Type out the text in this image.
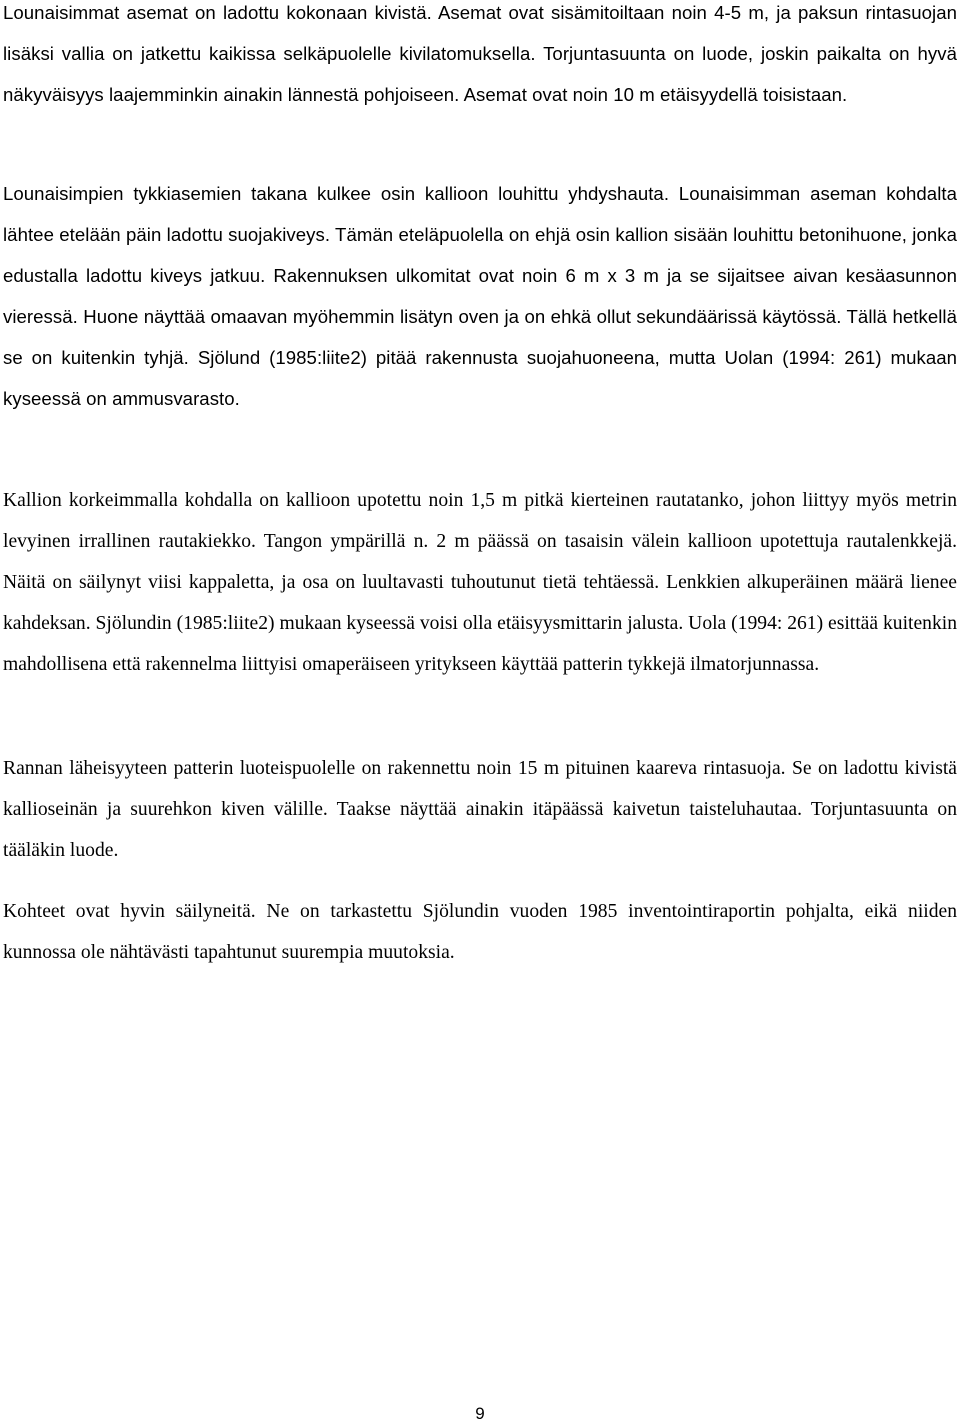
Lounaisimmat asemat on ladottu kokonaan kivistä. Asemat ovat sisämitoiltaan noin 4-5 m, ja paksun rintasuojan lisäksi vallia on jatkettu kaikissa selkäpuolelle kivilatomuksella. Torjuntasuunta on luode, joskin paikalta on hyvä näkyväisyys laajemminkin ainakin lännestä pohjoiseen. Asemat ovat noin 10 m etäisyydellä toisistaan.

Lounaisimpien tykkiasemien takana kulkee osin kallioon louhittu yhdyshauta. Lounaisimman aseman kohdalta lähtee etelään päin ladottu suojakiveys. Tämän eteläpuolella on ehjä osin kallion sisään louhittu betonihuone, jonka edustalla ladottu kiveys jatkuu. Rakennuksen ulkomitat ovat noin 6 m x 3 m ja se sijaitsee aivan kesäasunnon vieressä. Huone näyttää omaavan myöhemmin lisätyn oven ja on ehkä ollut sekundäärissä käytössä. Tällä hetkellä se on kuitenkin tyhjä. Sjölund (1985:liite2) pitää rakennusta suojahuoneena, mutta Uolan (1994: 261) mukaan kyseessä on ammusvarasto.

Kallion korkeimmalla kohdalla on kallioon upotettu noin 1,5 m pitkä kierteinen rautatanko, johon liittyy myös metrin levyinen irrallinen rautakiekko. Tangon ympärillä n. 2 m päässä on tasaisin välein kallioon upotettuja rautalenkkejä. Näitä on säilynyt viisi kappaletta, ja osa on luultavasti tuhoutunut tietä tehtäessä. Lenkkien alkuperäinen määrä lienee kahdeksan. Sjölundin (1985:liite2) mukaan kyseessä voisi olla etäisyysmittarin jalusta. Uola (1994: 261) esittää kuitenkin mahdollisena että rakennelma liittyisi omaperäiseen yritykseen käyttää patterin tykkejä ilmatorjunnassa.

Rannan läheisyyteen patterin luoteispuolelle on rakennettu noin 15 m pituinen kaareva rintasuoja. Se on ladottu kivistä kallioseinän ja suurehkon kiven välille. Taakse näyttää ainakin itäpäässä kaivetun taisteluhautaa. Torjuntasuunta on tääläkin luode.

Kohteet ovat hyvin säilyneitä. Ne on tarkastettu Sjölundin vuoden 1985 inventointiraportin pohjalta, eikä niiden kunnossa ole nähtävästi tapahtunut suurempia muutoksia.

9
